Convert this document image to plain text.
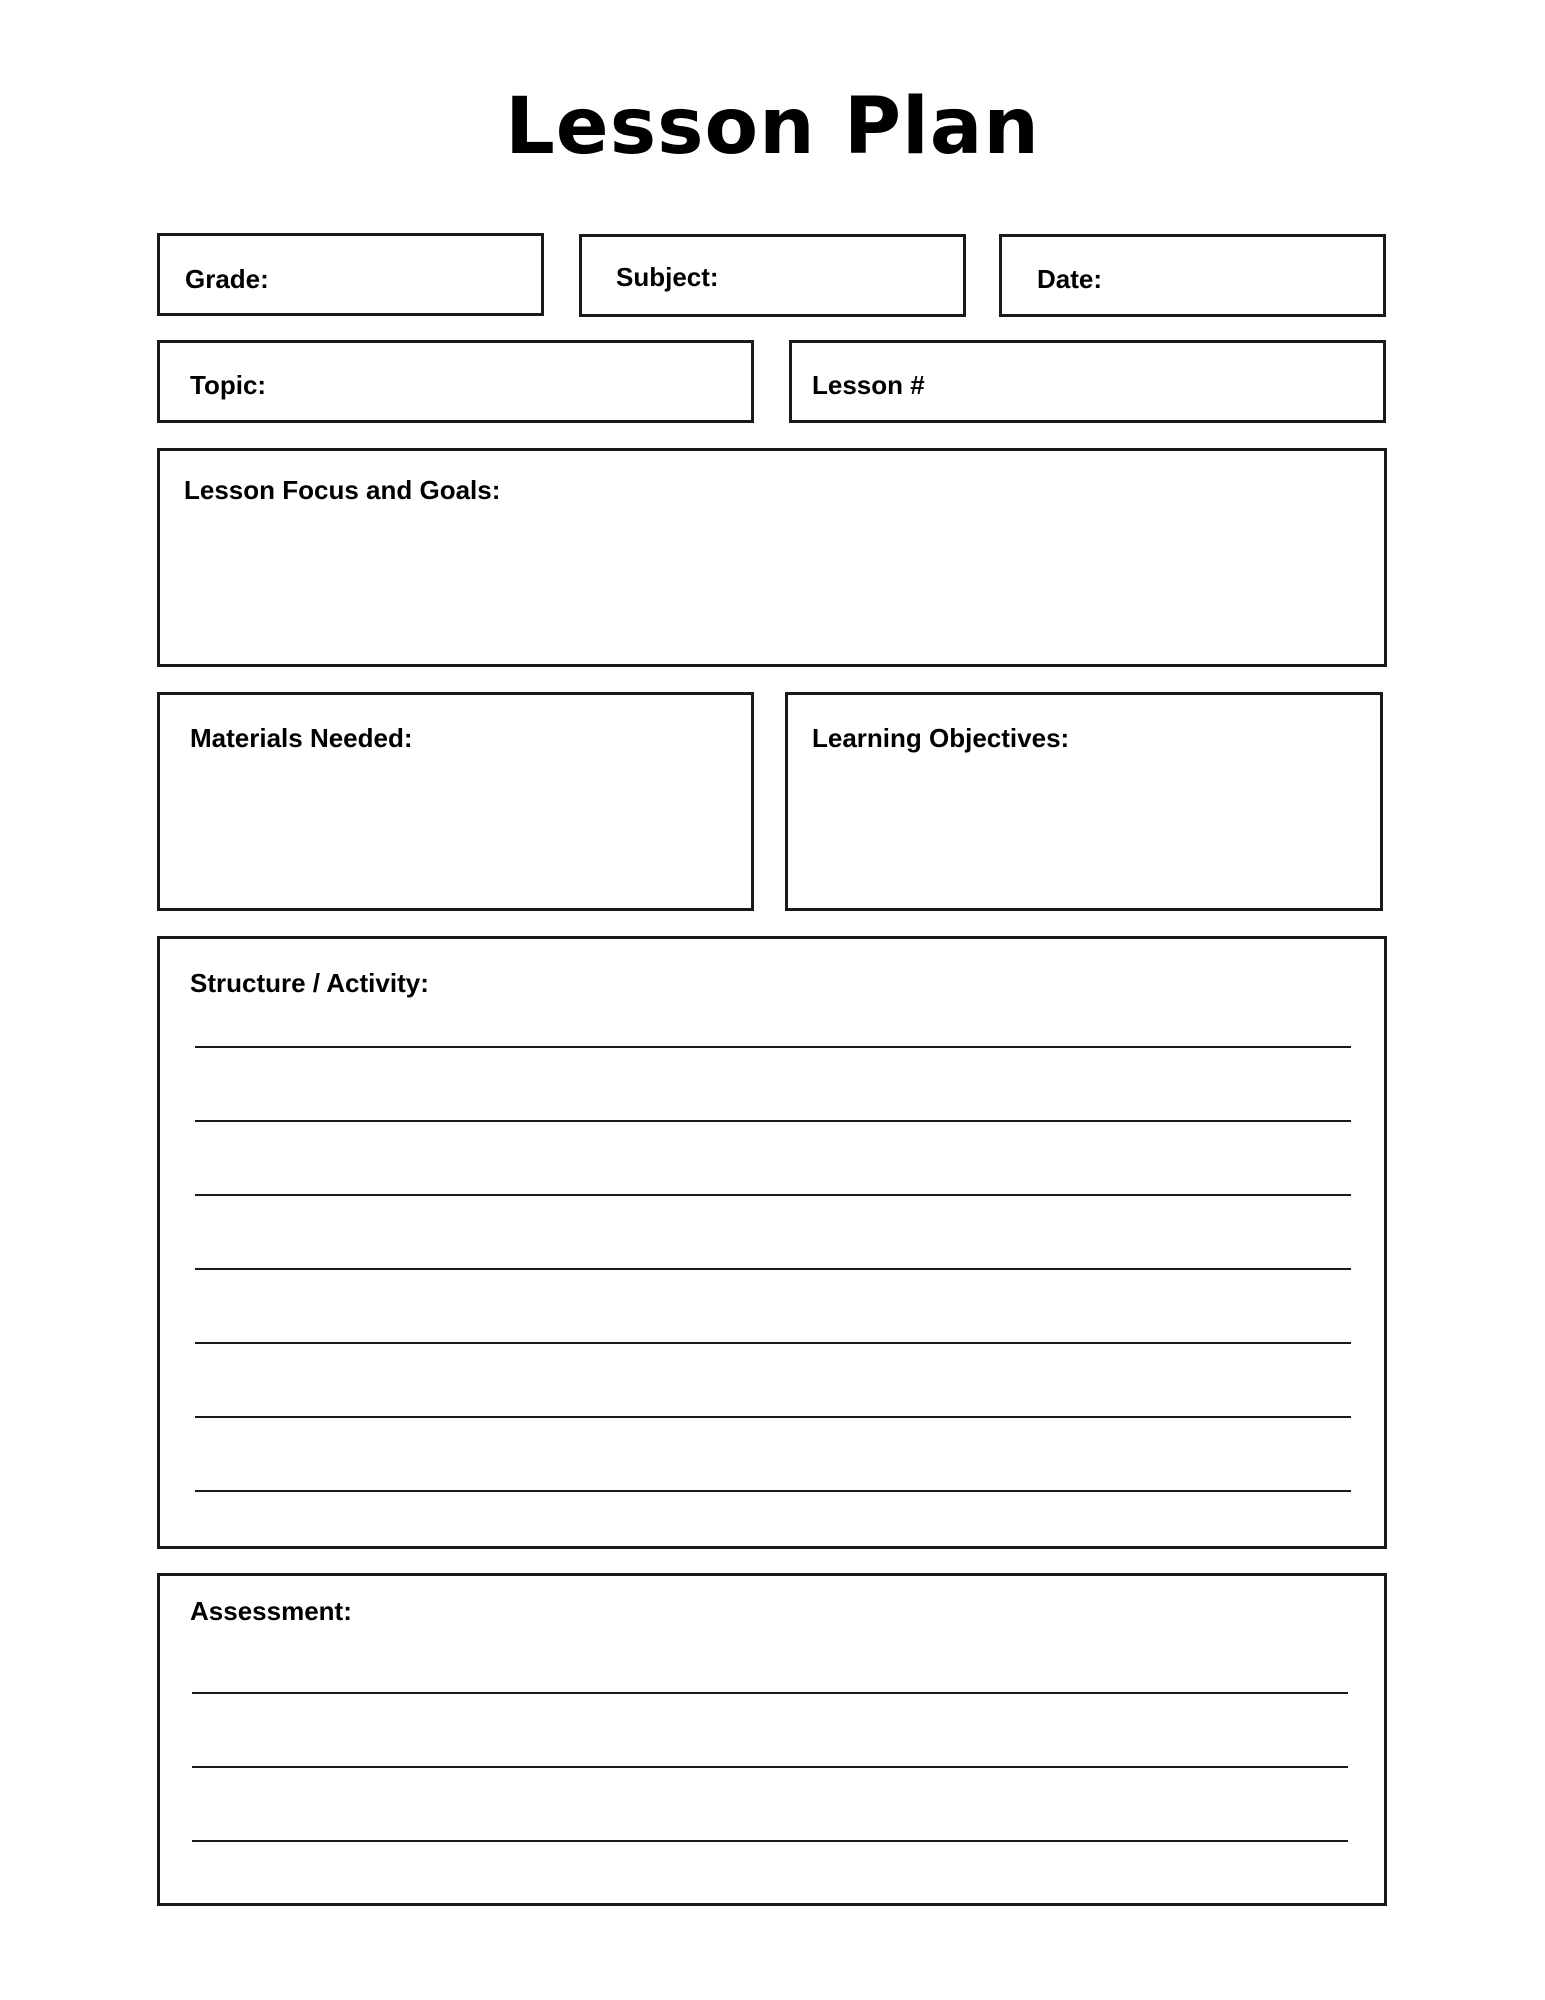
Lesson Plan
Grade:	Subject:	Date:
Topic:	Lesson #
Lesson Focus and Goals:
Materials Needed:	Learning Objectives:
Structure / Activity:
Assessment:
